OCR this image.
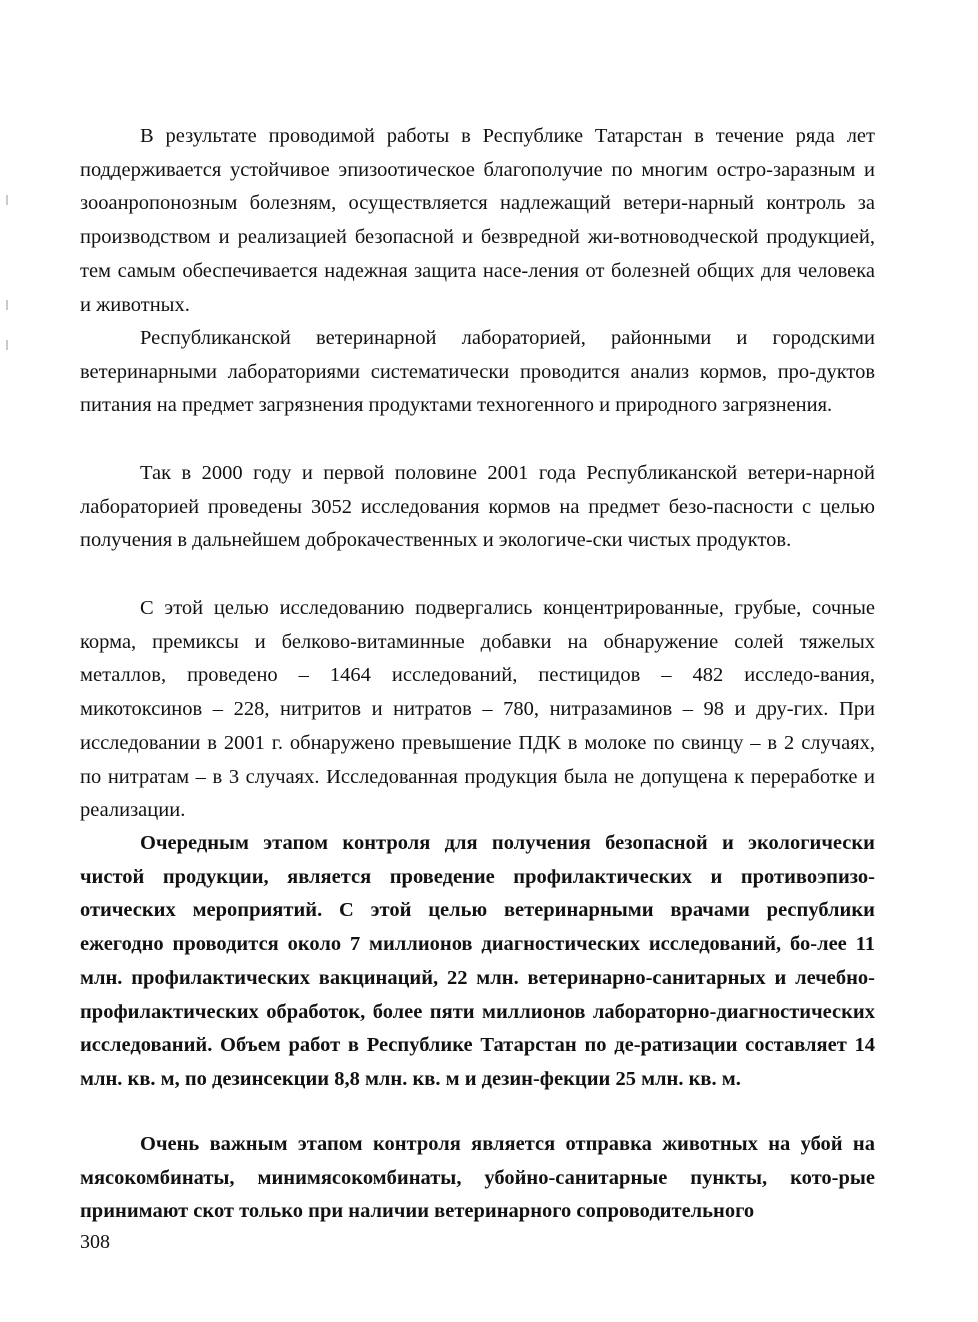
В результате проводимой работы в Республике Татарстан в течение ряда лет поддерживается устойчивое эпизоотическое благополучие по многим остро-заразным и зооанропонозным болезням, осуществляется надлежащий ветери-нарный контроль за производством и реализацией безопасной и безвредной жи-вотноводческой продукцией, тем самым обеспечивается надежная защита насе-ления от болезней общих для человека и животных.

Республиканской ветеринарной лабораторией, районными и городскими ветеринарными лабораториями систематически проводится анализ кормов, про-дуктов питания на предмет загрязнения продуктами техногенного и природного загрязнения.

Так в 2000 году и первой половине 2001 года Республиканской ветери-нарной лабораторией проведены 3052 исследования кормов на предмет безо-пасности с целью получения в дальнейшем доброкачественных и экологиче-ски чистых продуктов.

С этой целью исследованию подвергались концентрированные, грубые, сочные корма, премиксы и белково-витаминные добавки на обнаружение солей тяжелых металлов, проведено – 1464 исследований, пестицидов – 482 исследо-вания, микотоксинов – 228, нитритов и нитратов – 780, нитразаминов – 98 и дру-гих. При исследовании в 2001 г. обнаружено превышение ПДК в молоке по свинцу – в 2 случаях, по нитратам – в 3 случаях. Исследованная продукция была не допущена к переработке и реализации.

Очередным этапом контроля для получения безопасной и экологически чистой продукции, является проведение профилактических и противоэпизо-отических мероприятий. С этой целью ветеринарными врачами республики ежегодно проводится около 7 миллионов диагностических исследований, бо-лее 11 млн. профилактических вакцинаций, 22 млн. ветеринарно-санитарных и лечебно-профилактических обработок, более пяти миллионов лабораторно-диагностических исследований. Объем работ в Республике Татарстан по де-ратизации составляет 14 млн. кв. м, по дезинсекции 8,8 млн. кв. м и дезин-фекции 25 млн. кв. м.

Очень важным этапом контроля является отправка животных на убой на мясокомбинаты, минимясокомбинаты, убойно-санитарные пункты, кото-рые принимают скот только при наличии ветеринарного сопроводительного

308
